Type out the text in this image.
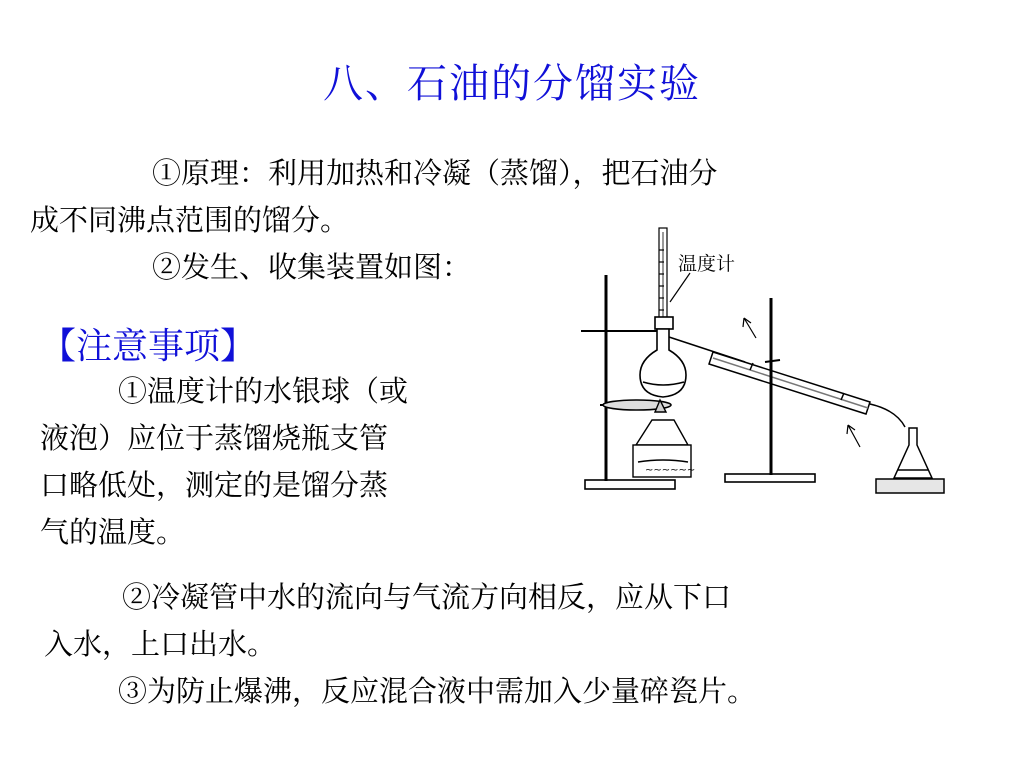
八、石油的分馏实验

①原理：利用加热和冷凝（蒸馏），把石油分

成不同沸点范围的馏分。

②发生、收集装置如图：

【注意事项】

①温度计的水银球（或

液泡）应位于蒸馏烧瓶支管

口略低处，测定的是馏分蒸

气的温度。

②冷凝管中水的流向与气流方向相反，应从下口

入水，上口出水。

③为防止爆沸，反应混合液中需加入少量碎瓷片。

温度计
~~~~~~
